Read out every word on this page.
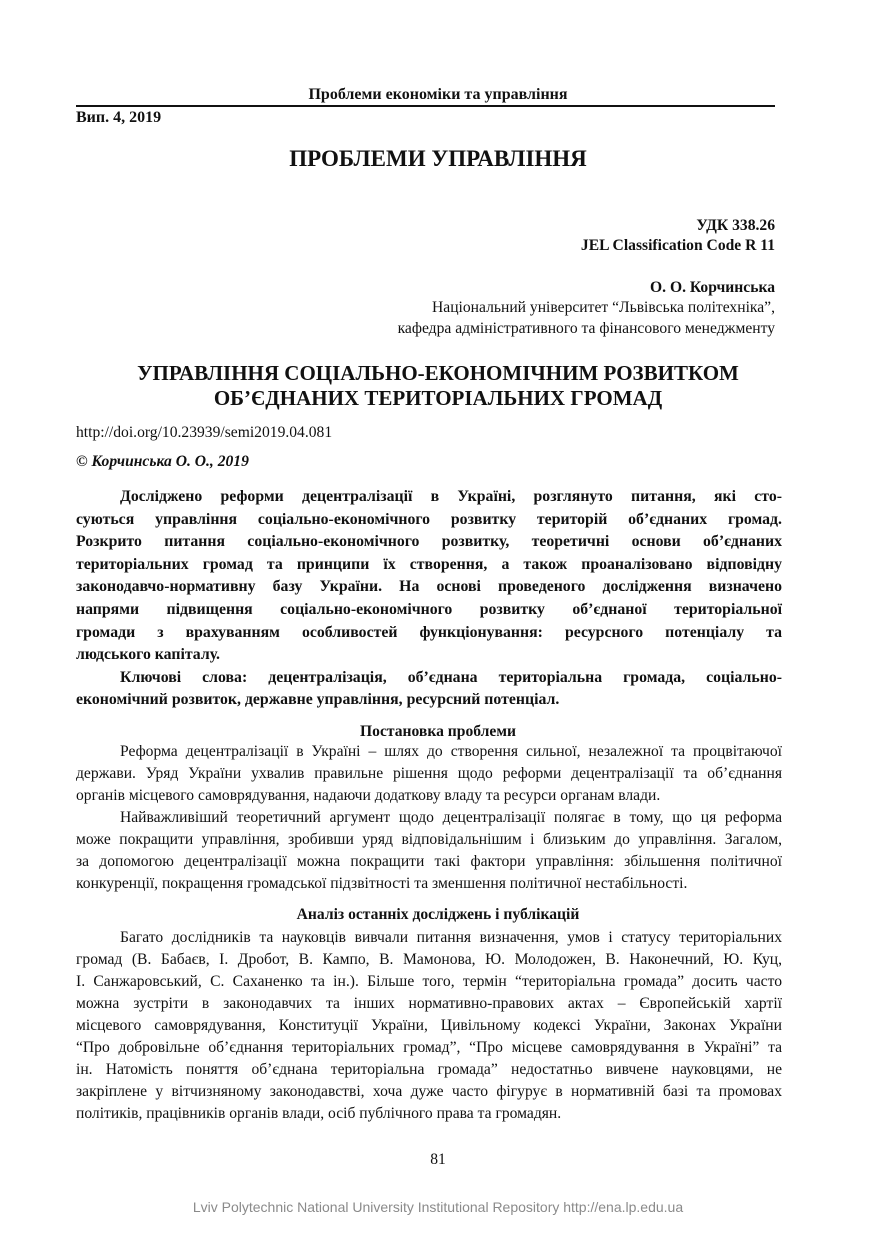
Проблеми економіки та управління
Вип. 4, 2019
ПРОБЛЕМИ УПРАВЛІННЯ
УДК 338.26
JEL Classification Code R 11
О. О. Корчинська
Національний університет “Львівська політехніка”,
кафедра адміністративного та фінансового менеджменту
УПРАВЛІННЯ СОЦІАЛЬНО-ЕКОНОМІЧНИМ РОЗВИТКОМ
ОБ’ЄДНАНИХ ТЕРИТОРІАЛЬНИХ ГРОМАД
http://doi.org/10.23939/semi2019.04.081
© Корчинська О. О., 2019
Досліджено реформи децентралізації в Україні, розглянуто питання, які сто-
суються управління соціально-економічного розвитку територій об’єднаних громад.
Розкрито питання соціально-економічного розвитку, теоретичні основи об’єднаних
територіальних громад та принципи їх створення, а також проаналізовано відповідну
законодавчо-нормативну базу України. На основі проведеного дослідження визначено
напрями підвищення соціально-економічного розвитку об’єднаної територіальної
громади з врахуванням особливостей функціонування: ресурсного потенціалу та
людського капіталу.
Ключові слова: децентралізація, об’єднана територіальна громада, соціально-
економічний розвиток, державне управління, ресурсний потенціал.
Постановка проблеми
Реформа децентралізації в Україні – шлях до створення сильної, незалежної та процвітаючої
держави. Уряд України ухвалив правильне рішення щодо реформи децентралізації та об’єднання
органів місцевого самоврядування, надаючи додаткову владу та ресурси органам влади.
Найважливіший теоретичний аргумент щодо децентралізації полягає в тому, що ця реформа
може покращити управління, зробивши уряд відповідальнішим і близьким до управління. Загалом,
за допомогою децентралізації можна покращити такі фактори управління: збільшення політичної
конкуренції, покращення громадської підзвітності та зменшення політичної нестабільності.
Аналіз останніх досліджень і публікацій
Багато дослідників та науковців вивчали питання визначення, умов і статусу територіальних
громад (В. Бабаєв, І. Дробот, В. Кампо, В. Мамонова, Ю. Молодожен, В. Наконечний, Ю. Куц,
І. Санжаровський, С. Саханенко та ін.). Більше того, термін “територіальна громада” досить часто
можна зустріти в законодавчих та інших нормативно-правових актах – Європейській хартії
місцевого самоврядування, Конституції України, Цивільному кодексі України, Законах України
“Про добровільне об’єднання територіальних громад”, “Про місцеве самоврядування в Україні” та
ін. Натомість поняття об’єднана територіальна громада” недостатньо вивчене науковцями, не
закріплене у вітчизняному законодавстві, хоча дуже часто фігурує в нормативній базі та промовах
політиків, працівників органів влади, осіб публічного права та громадян.
81
Lviv Polytechnic National University Institutional Repository http://ena.lp.edu.ua
